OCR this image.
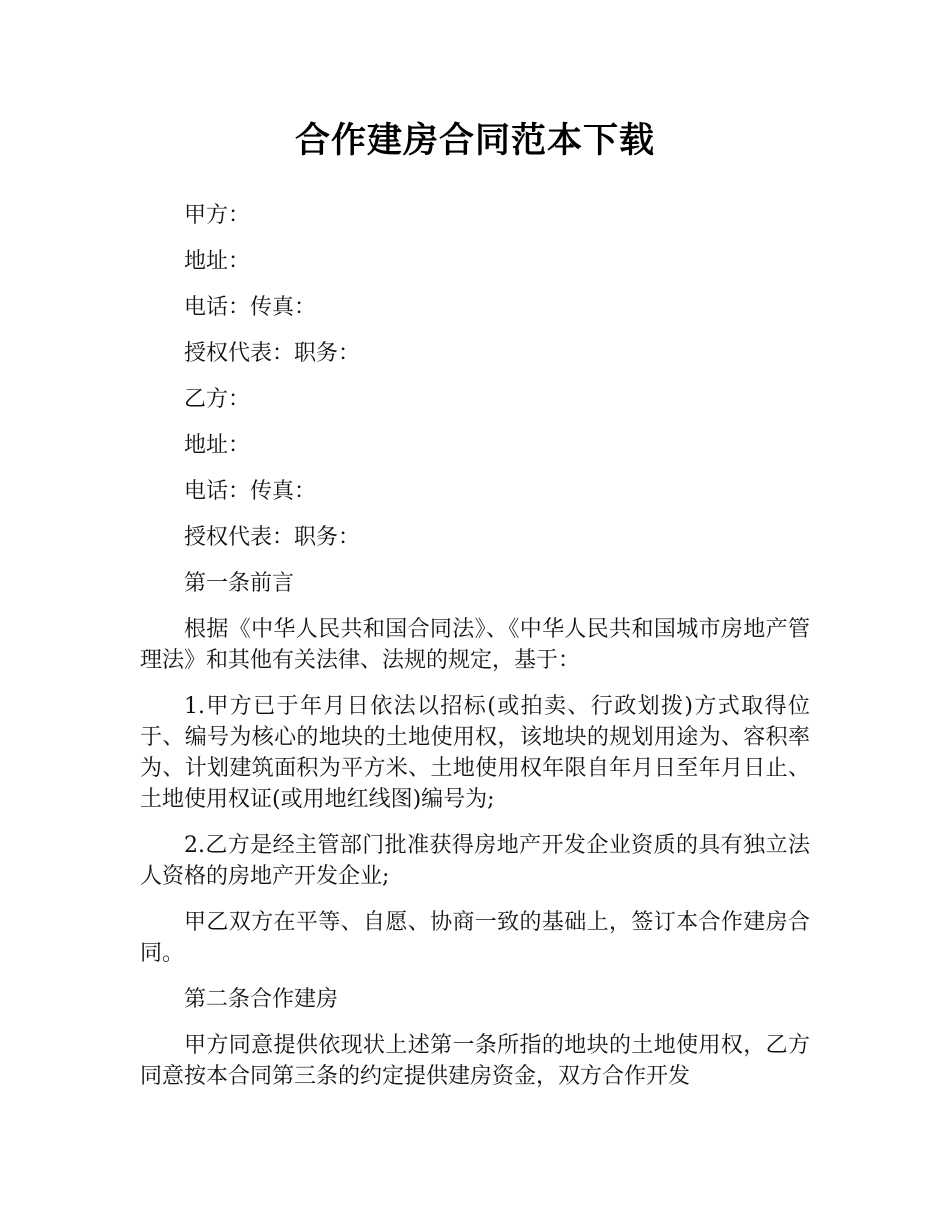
合作建房合同范本下载

甲方：

地址：

电话：传真：

授权代表：职务：

乙方：

地址：

电话：传真：

授权代表：职务：

第一条前言

根据《中华人民共和国合同法》、《中华人民共和国城市房地产管理法》和其他有关法律、法规的规定，基于：

1.甲方已于年月日依法以招标(或拍卖、行政划拨)方式取得位于、编号为核心的地块的土地使用权，该地块的规划用途为、容积率为、计划建筑面积为平方米、土地使用权年限自年月日至年月日止、土地使用权证(或用地红线图)编号为;

2.乙方是经主管部门批准获得房地产开发企业资质的具有独立法人资格的房地产开发企业;

甲乙双方在平等、自愿、协商一致的基础上，签订本合作建房合同。

第二条合作建房

甲方同意提供依现状上述第一条所指的地块的土地使用权，乙方同意按本合同第三条的约定提供建房资金，双方合作开发
